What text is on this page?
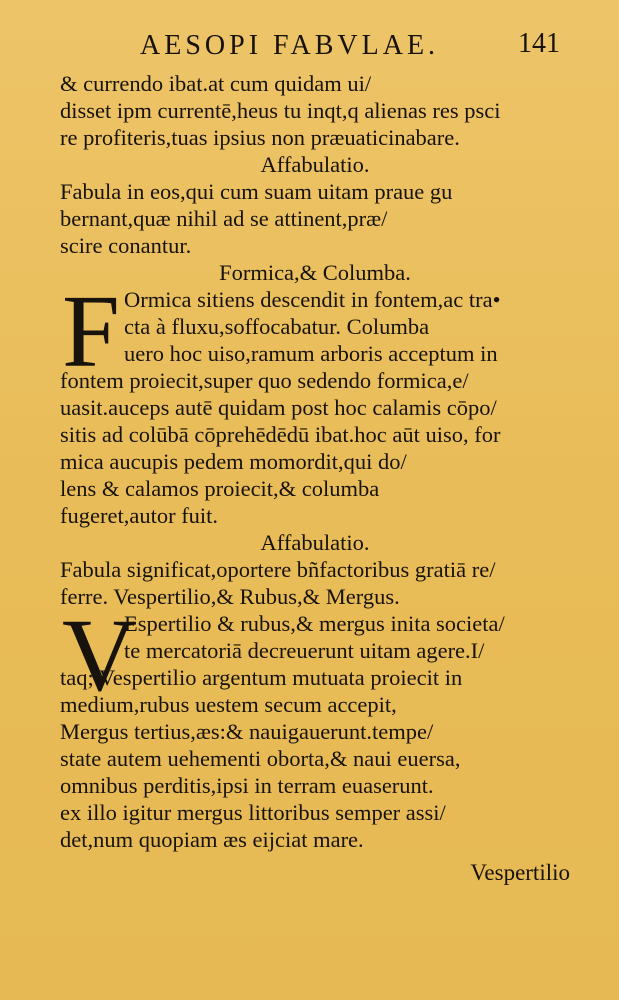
AESOPI FABVLAE.	141
& currendo ibat.at cum quidam ui/
disset ipm currentē,heus tu inqt,q alienas res psci
re profiteris,tuas ipsius non præuaticinabare.
Affabulatio.
Fabula in eos,qui cum suam uitam praue gu
bernant,quæ nihil ad se attinent,præ/
scire conantur.
Formica,& Columba.
F Ormica sitiens descendit in fontem,ac tra•
cta à fluxu,soffocabatur. Columba
uero hoc uiso,ramum arboris acceptum in
fontem proiecit,super quo sedendo formica,e/
uasit.auceps autē quidam post hoc calamis cōpo/
sitis ad colūbā cōprehēdēdū ibat.hoc aūt uiso, for
mica aucupis pedem momordit,qui do/
lens & calamos proiecit,& columba
fugeret,autor fuit.
Affabulatio.
Fabula significat,oportere bñfactoribus gratiā re/
ferre. Vespertilio,& Rubus,& Mergus.
V
Espertilio & rubus,& mergus inita societa/
te mercatoriā decreuerunt uitam agere.I/
taq; Vespertilio argentum mutuata proiecit in
medium,rubus uestem secum accepit,
Mergus tertius,æs:& nauigauerunt.tempe/
state autem uehementi oborta,& naui euersa,
omnibus perditis,ipsi in terram euaserunt.
ex illo igitur mergus littoribus semper assi/
det,num quopiam æs eijciat mare.
Vespertilio
